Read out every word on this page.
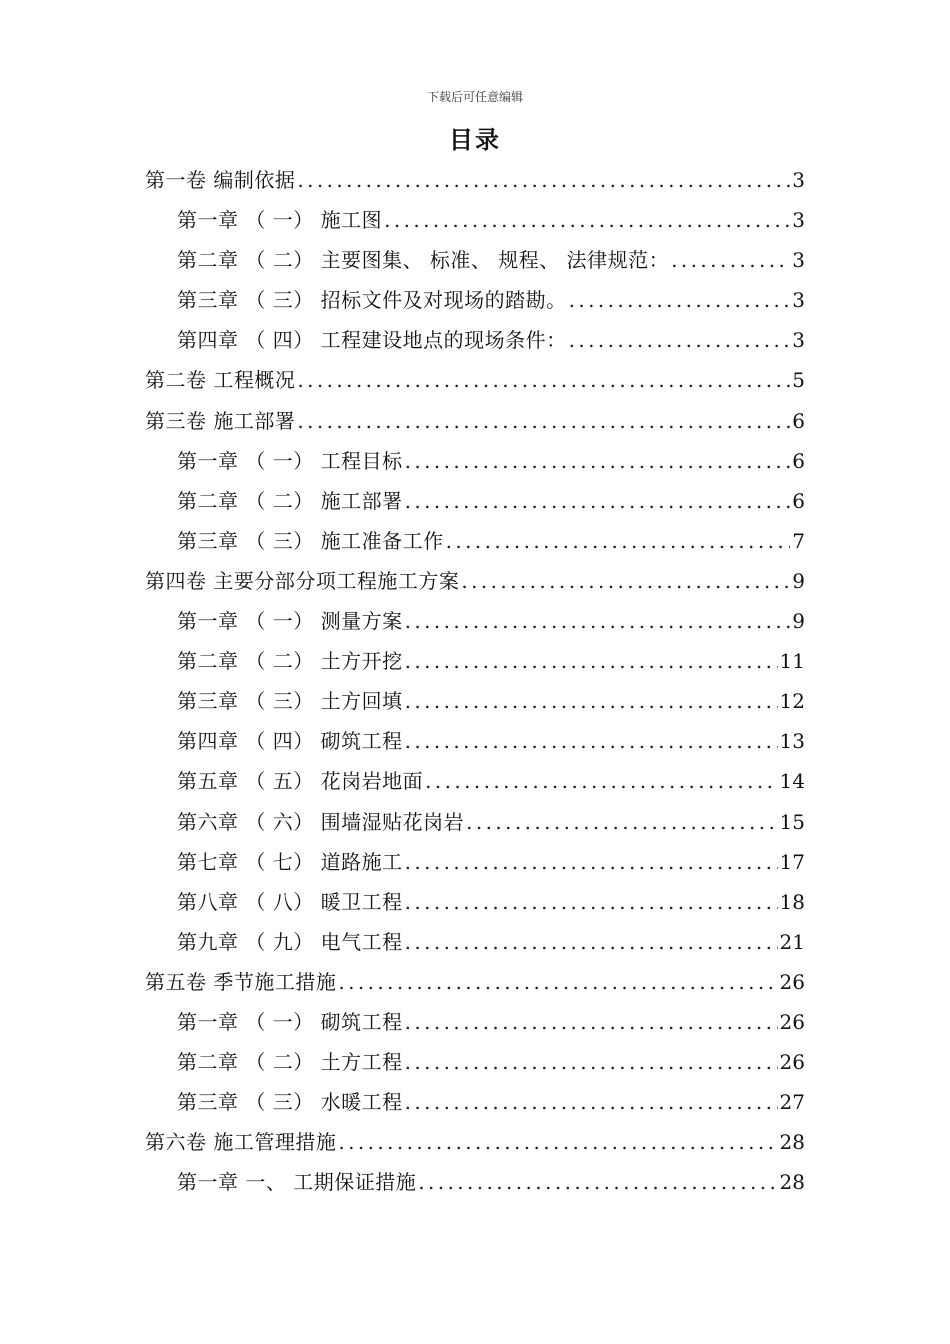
下载后可任意编辑
目录
第一卷 编制依据 .....	3
第一章 （ 一） 施工图 .....	3
第二章 （ 二） 主要图集、 标准、 规程、 法律规范： .....	3
第三章 （ 三） 招标文件及对现场的踏勘。 .....	3
第四章 （ 四） 工程建设地点的现场条件： .....	3
第二卷 工程概况 .....	5
第三卷 施工部署 .....	6
第一章 （ 一） 工程目标 .....	6
第二章 （ 二） 施工部署 .....	6
第三章 （ 三） 施工准备工作 .....	7
第四卷 主要分部分项工程施工方案 .....	9
第一章 （ 一） 测量方案 .....	9
第二章 （ 二） 土方开挖 .....	11
第三章 （ 三） 土方回填 .....	12
第四章 （ 四） 砌筑工程 .....	13
第五章 （ 五） 花岗岩地面 .....	14
第六章 （ 六） 围墙湿贴花岗岩 .....	15
第七章 （ 七） 道路施工 .....	17
第八章 （ 八） 暖卫工程 .....	18
第九章 （ 九） 电气工程 .....	21
第五卷 季节施工措施 .....	26
第一章 （ 一） 砌筑工程 .....	26
第二章 （ 二） 土方工程 .....	26
第三章 （ 三） 水暖工程 .....	27
第六卷 施工管理措施 .....	28
第一章 一、 工期保证措施 .....	28
